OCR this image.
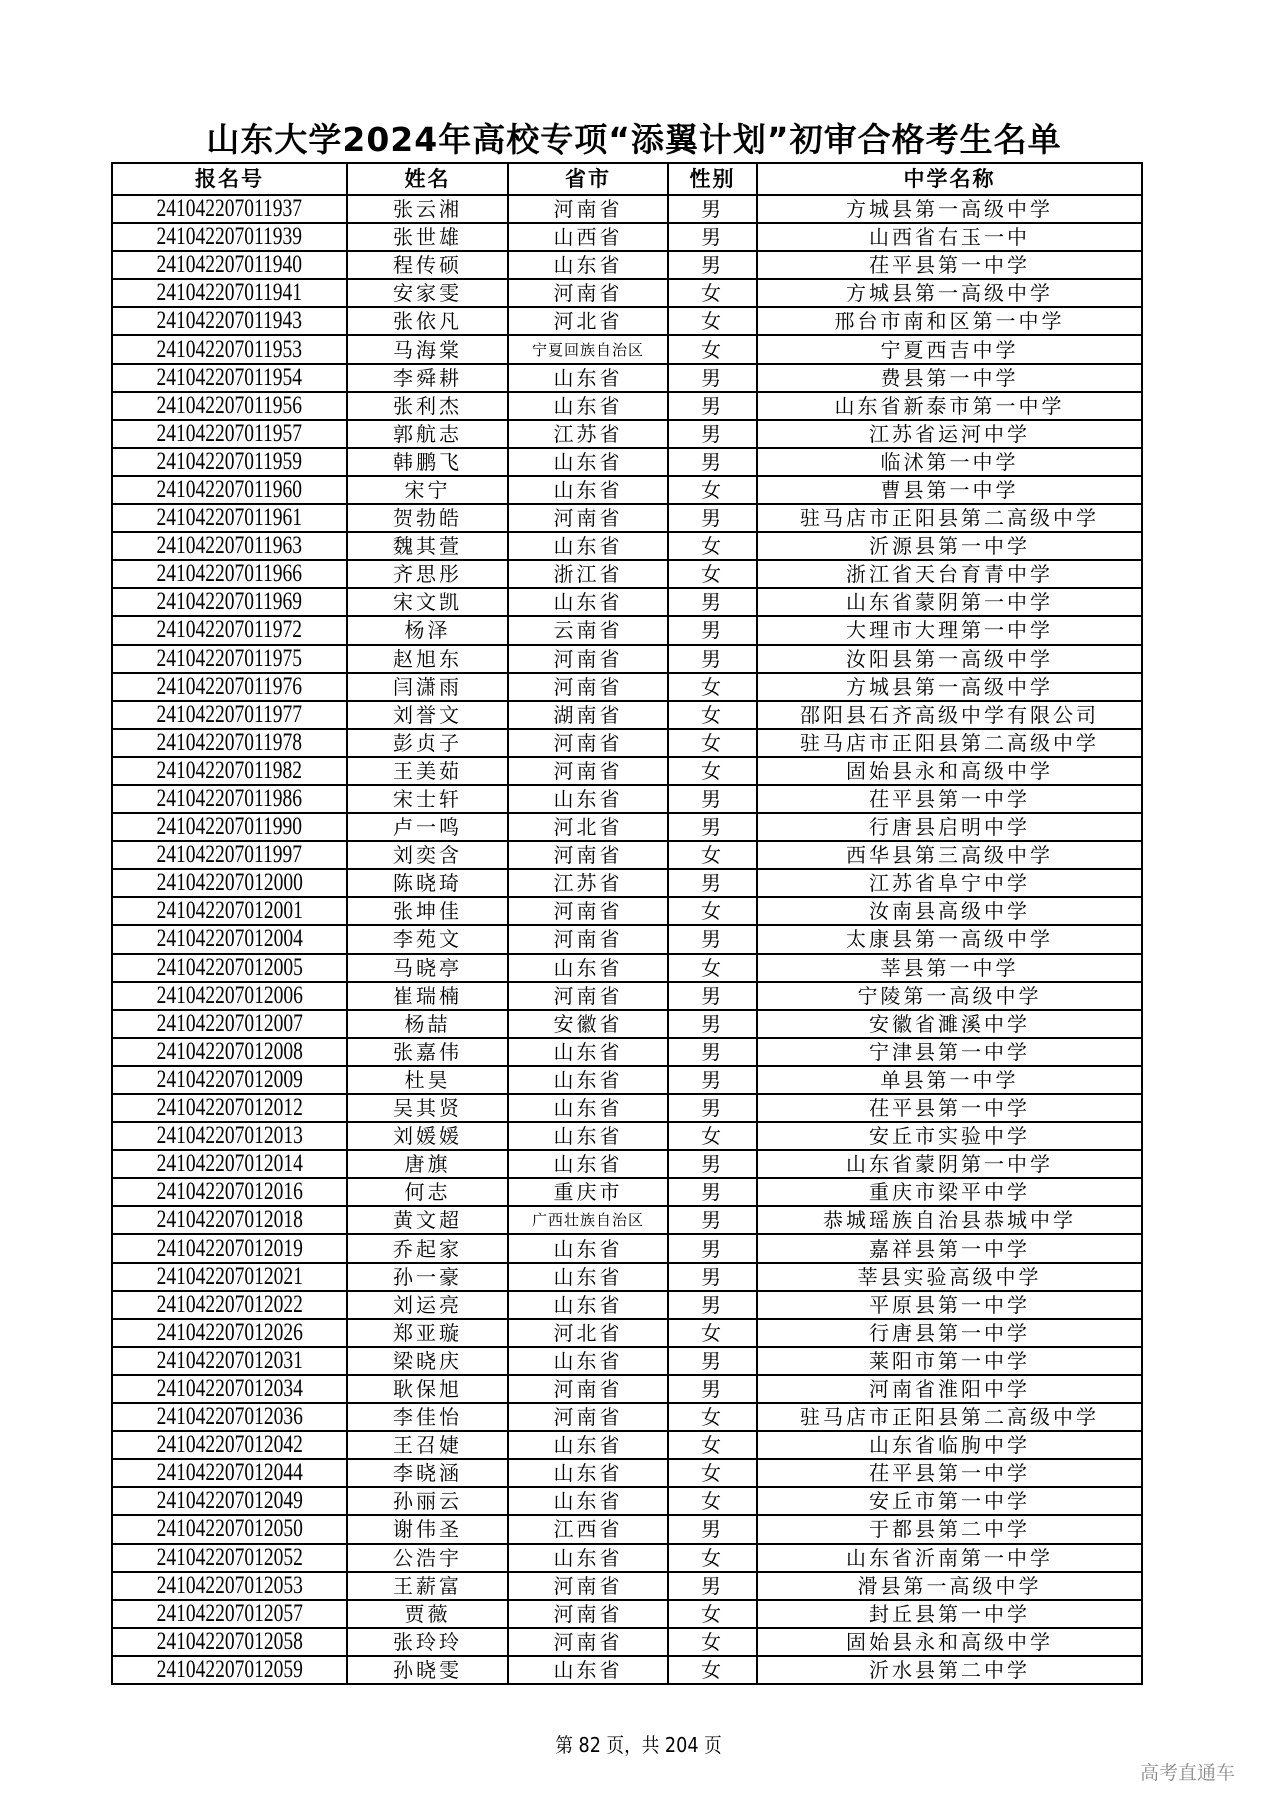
山东大学2024年高校专项“添翼计划”初审合格考生名单
报名号	姓名	省市	性别	中学名称
241042207011937	张云湘	河南省	男	方城县第一高级中学
241042207011939	张世雄	山西省	男	山西省右玉一中
241042207011940	程传硕	山东省	男	茌平县第一中学
241042207011941	安家雯	河南省	女	方城县第一高级中学
241042207011943	张依凡	河北省	女	邢台市南和区第一中学
241042207011953	马海棠	宁夏回族自治区	女	宁夏西吉中学
241042207011954	李舜耕	山东省	男	费县第一中学
241042207011956	张利杰	山东省	男	山东省新泰市第一中学
241042207011957	郭航志	江苏省	男	江苏省运河中学
241042207011959	韩鹏飞	山东省	男	临沭第一中学
241042207011960	宋宁	山东省	女	曹县第一中学
241042207011961	贺勃皓	河南省	男	驻马店市正阳县第二高级中学
241042207011963	魏其萱	山东省	女	沂源县第一中学
241042207011966	齐思彤	浙江省	女	浙江省天台育青中学
241042207011969	宋文凯	山东省	男	山东省蒙阴第一中学
241042207011972	杨泽	云南省	男	大理市大理第一中学
241042207011975	赵旭东	河南省	男	汝阳县第一高级中学
241042207011976	闫潇雨	河南省	女	方城县第一高级中学
241042207011977	刘誉文	湖南省	女	邵阳县石齐高级中学有限公司
241042207011978	彭贞子	河南省	女	驻马店市正阳县第二高级中学
241042207011982	王美茹	河南省	女	固始县永和高级中学
241042207011986	宋士轩	山东省	男	茌平县第一中学
241042207011990	卢一鸣	河北省	男	行唐县启明中学
241042207011997	刘奕含	河南省	女	西华县第三高级中学
241042207012000	陈晓琦	江苏省	男	江苏省阜宁中学
241042207012001	张坤佳	河南省	女	汝南县高级中学
241042207012004	李苑文	河南省	男	太康县第一高级中学
241042207012005	马晓亭	山东省	女	莘县第一中学
241042207012006	崔瑞楠	河南省	男	宁陵第一高级中学
241042207012007	杨喆	安徽省	男	安徽省濉溪中学
241042207012008	张嘉伟	山东省	男	宁津县第一中学
241042207012009	杜昊	山东省	男	单县第一中学
241042207012012	吴其贤	山东省	男	茌平县第一中学
241042207012013	刘媛媛	山东省	女	安丘市实验中学
241042207012014	唐旗	山东省	男	山东省蒙阴第一中学
241042207012016	何志	重庆市	男	重庆市梁平中学
241042207012018	黄文超	广西壮族自治区	男	恭城瑶族自治县恭城中学
241042207012019	乔起家	山东省	男	嘉祥县第一中学
241042207012021	孙一豪	山东省	男	莘县实验高级中学
241042207012022	刘运亮	山东省	男	平原县第一中学
241042207012026	郑亚璇	河北省	女	行唐县第一中学
241042207012031	梁晓庆	山东省	男	莱阳市第一中学
241042207012034	耿保旭	河南省	男	河南省淮阳中学
241042207012036	李佳怡	河南省	女	驻马店市正阳县第二高级中学
241042207012042	王召婕	山东省	女	山东省临朐中学
241042207012044	李晓涵	山东省	女	茌平县第一中学
241042207012049	孙丽云	山东省	女	安丘市第一中学
241042207012050	谢伟圣	江西省	男	于都县第二中学
241042207012052	公浩宇	山东省	女	山东省沂南第一中学
241042207012053	王薪富	河南省	男	滑县第一高级中学
241042207012057	贾薇	河南省	女	封丘县第一中学
241042207012058	张玲玲	河南省	女	固始县永和高级中学
241042207012059	孙晓雯	山东省	女	沂水县第二中学
第 82 页，共 204 页
高考直通车
